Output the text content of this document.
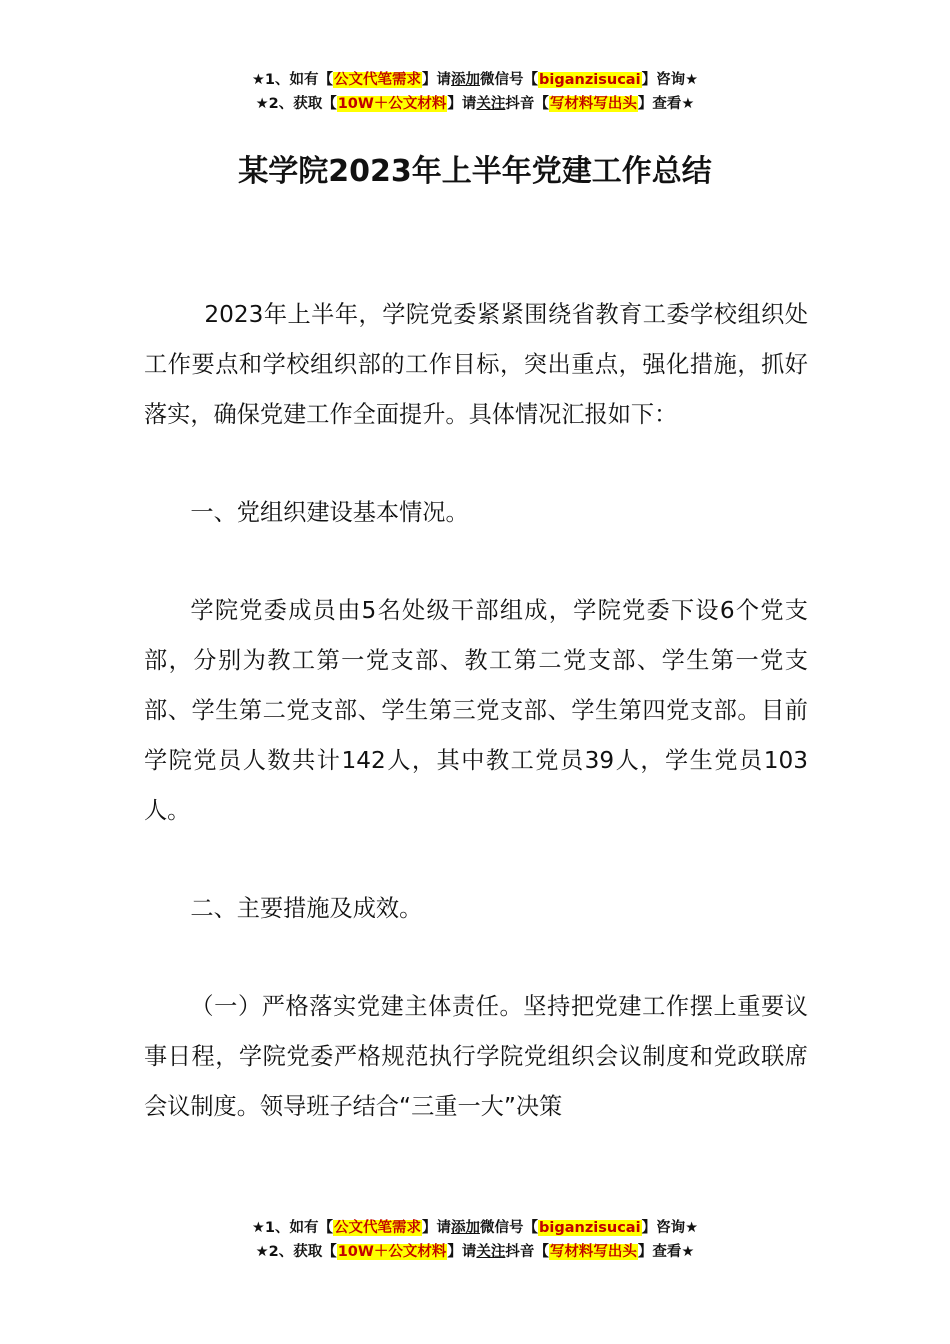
★1、如有【公文代笔需求】请添加微信号【biganzisucai】咨询★
★2、获取【10W＋公文材料】请关注抖音【写材料写出头】查看★
某学院2023年上半年党建工作总结

2023年上半年，学院党委紧紧围绕省教育工委学校组织处工作要点和学校组织部的工作目标，突出重点，强化措施，抓好落实，确保党建工作全面提升。具体情况汇报如下：

一、党组织建设基本情况。

学院党委成员由5名处级干部组成，学院党委下设6个党支部，分别为教工第一党支部、教工第二党支部、学生第一党支部、学生第二党支部、学生第三党支部、学生第四党支部。目前学院党员人数共计142人，其中教工党员39人，学生党员103人。

二、主要措施及成效。

（一）严格落实党建主体责任。坚持把党建工作摆上重要议事日程，学院党委严格规范执行学院党组织会议制度和党政联席会议制度。领导班子结合“三重一大”决策

★1、如有【公文代笔需求】请添加微信号【biganzisucai】咨询★
★2、获取【10W＋公文材料】请关注抖音【写材料写出头】查看★
